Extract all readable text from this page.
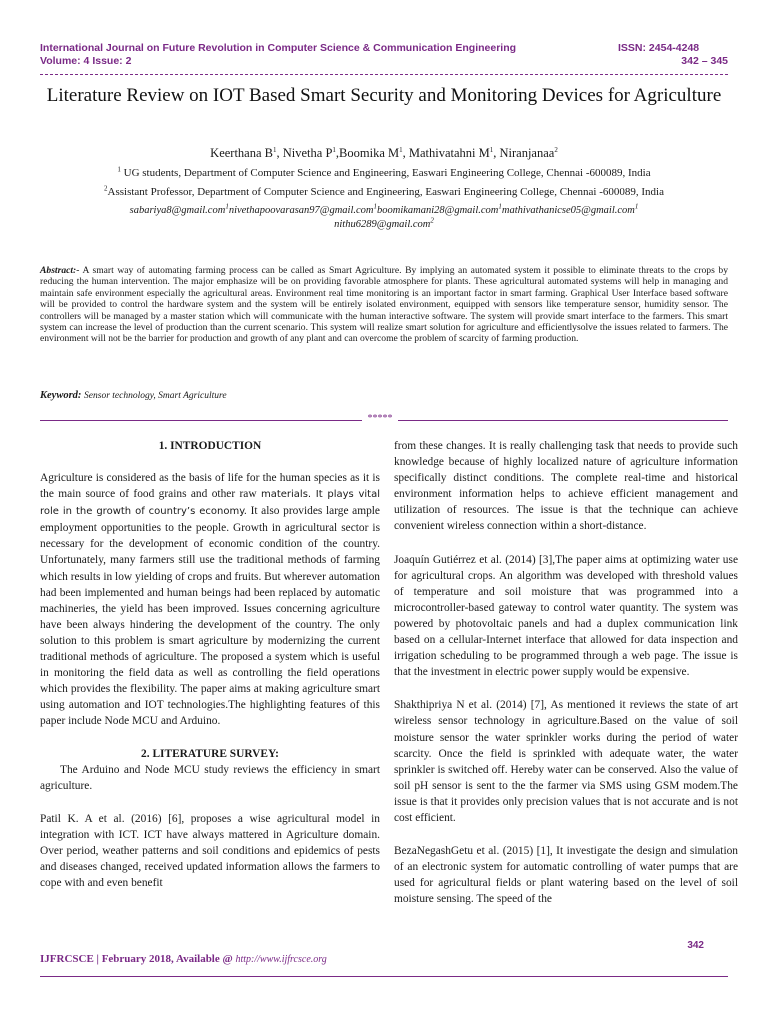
International Journal on Future Revolution in Computer Science & Communication Engineering
Volume: 4 Issue: 2
ISSN: 2454-4248
342 – 345
Literature Review on IOT Based Smart Security and Monitoring Devices for Agriculture
Keerthana $B^1$, Nivetha $P^1,Boomika$ $M^1$, Mathivatahni $M^1$, Niranjanaa$^2$
$^1$ UG students, Department of Computer Science and Engineering, Easwari Engineering College, Chennai -600089, India
$^2$Assistant Professor, Department of Computer Science and Engineering, Easwari Engineering College, Chennai -600089, India
sabariya8@gmail.com$^1$nivethapoovarasan97@gmail.com$^1$boomikamani28@gmail.com$^1$mathivathanicse05@gmail.com$^1$
nithu6289@gmail.com$^2$
Abstract:- A smart way of automating farming process can be called as Smart Agriculture. By implying an automated system it possible to eliminate threats to the crops by reducing the human intervention. The major emphasize will be on providing favorable atmosphere for plants. These agricultural automated systems will help in managing and maintain safe environment especially the agricultural areas. Environment real time monitoring is an important factor in smart farming. Graphical User Interface based software will be provided to control the hardware system and the system will be entirely isolated environment, equipped with sensors like temperature sensor, humidity sensor. The controllers will be managed by a master station which will communicate with the human interactive software. The system will provide smart interface to the farmers. This smart system can increase the level of production than the current scenario. This system will realize smart solution for agriculture and efficientlysolve the issues related to farmers. The environment will not be the barrier for production and growth of any plant and can overcome the problem of scarcity of farming production.
Keyword: Sensor technology, Smart Agriculture
*****
1. INTRODUCTION

Agriculture is considered as the basis of life for the human species as it is the main source of food grains and other raw materials. It plays vital role in the growth of country’s economy. It also provides large ample employment opportunities to the people. Growth in agricultural sector is necessary for the development of economic condition of the country. Unfortunately, many farmers still use the traditional methods of farming which results in low yielding of crops and fruits. But wherever automation had been implemented and human beings had been replaced by automatic machineries, the yield has been improved. Issues concerning agriculture have been always hindering the development of the country. The only solution to this problem is smart agriculture by modernizing the current traditional methods of agriculture. The proposed a system which is useful in monitoring the field data as well as controlling the field operations which provides the flexibility. The paper aims at making agriculture smart using automation and IOT technologies.The highlighting features of this paper include Node MCU and Arduino.

2. LITERATURE SURVEY:

The Arduino and Node MCU study reviews the efficiency in smart agriculture.

Patil K. A et al. (2016) [6], proposes a wise agricultural model in integration with ICT. ICT have always mattered in Agriculture domain. Over period, weather patterns and soil conditions and epidemics of pests and diseases changed, received updated information allows the farmers to cope with and even benefit

from these changes. It is really challenging task that needs to provide such knowledge because of highly localized nature of agriculture information specifically distinct conditions. The complete real-time and historical environment information helps to achieve efficient management and utilization of resources. The issue is that the technique can achieve convenient wireless connection within a short-distance.

Joaquín Gutiérrez et al. (2014) [3],The paper aims at optimizing water use for agricultural crops. An algorithm was developed with threshold values of temperature and soil moisture that was programmed into a microcontroller-based gateway to control water quantity. The system was powered by photovoltaic panels and had a duplex communication link based on a cellular-Internet interface that allowed for data inspection and irrigation scheduling to be programmed through a web page. The issue is that the investment in electric power supply would be expensive.

Shakthipriya N et al. (2014) [7], As mentioned it reviews the state of art wireless sensor technology in agriculture.Based on the value of soil moisture sensor the water sprinkler works during the period of water scarcity. Once the field is sprinkled with adequate water, the water sprinkler is switched off. Hereby water can be conserved. Also the value of soil pH sensor is sent to the the farmer via SMS using GSM modem.The issue is that it provides only precision values that is not accurate and is not cost efficient.

BezaNegashGetu et al. (2015) [1], It investigate the design and simulation of an electronic system for automatic controlling of water pumps that are used for agricultural fields or plant watering based on the level of soil moisture sensing. The speed of the

342
IJFRCSCE | February 2018, Available @ http://www.ijfrcsce.org
